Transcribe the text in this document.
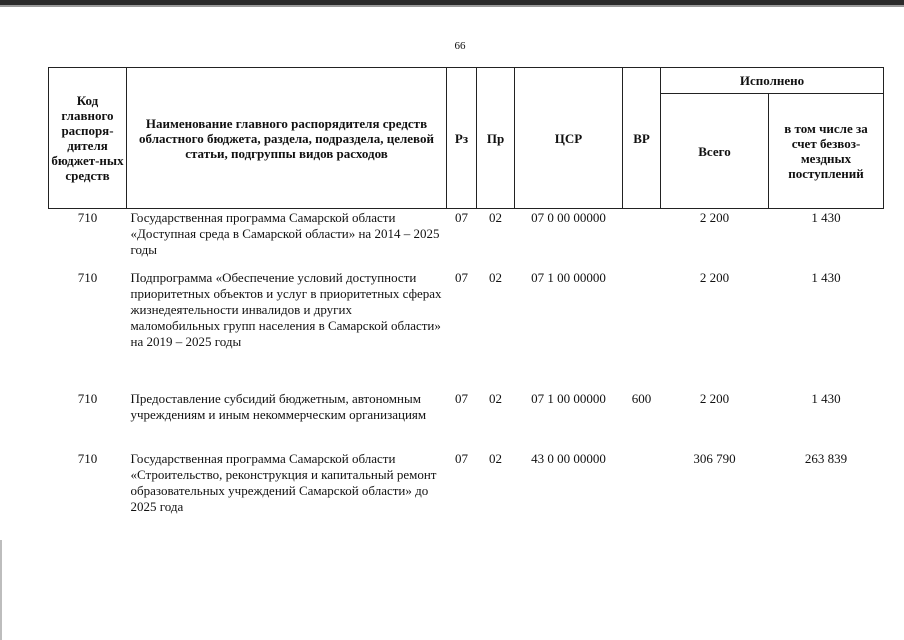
66
Код главного распоря-дителя бюджет-ных средств	Наименование главного распорядителя средств областного бюджета, раздела, подраздела, целевой статьи, подгруппы видов расходов	Рз	Пр	ЦСР	ВР	Исполнено	
						Всего	в том числе за счет безвоз-мездных поступлений
710	Государственная программа Самарской области «Доступная среда в Самарской области» на 2014 – 2025 годы	07	02	07 0 00 00000		2 200	1 430
710	Подпрограмма «Обеспечение условий доступности приоритетных объектов и услуг в приоритетных сферах жизнедеятельности инвалидов и других маломобильных групп населения в Самарской области» на 2019 – 2025 годы	07	02	07 1 00 00000		2 200	1 430
710	Предоставление субсидий бюджетным, автономным учреждениям и иным некоммерческим организациям	07	02	07 1 00 00000	600	2 200	1 430
710	Государственная программа Самарской области «Строительство, реконструкция и капитальный ремонт образовательных учреждений Самарской области» до 2025 года	07	02	43 0 00 00000		306 790	263 839
